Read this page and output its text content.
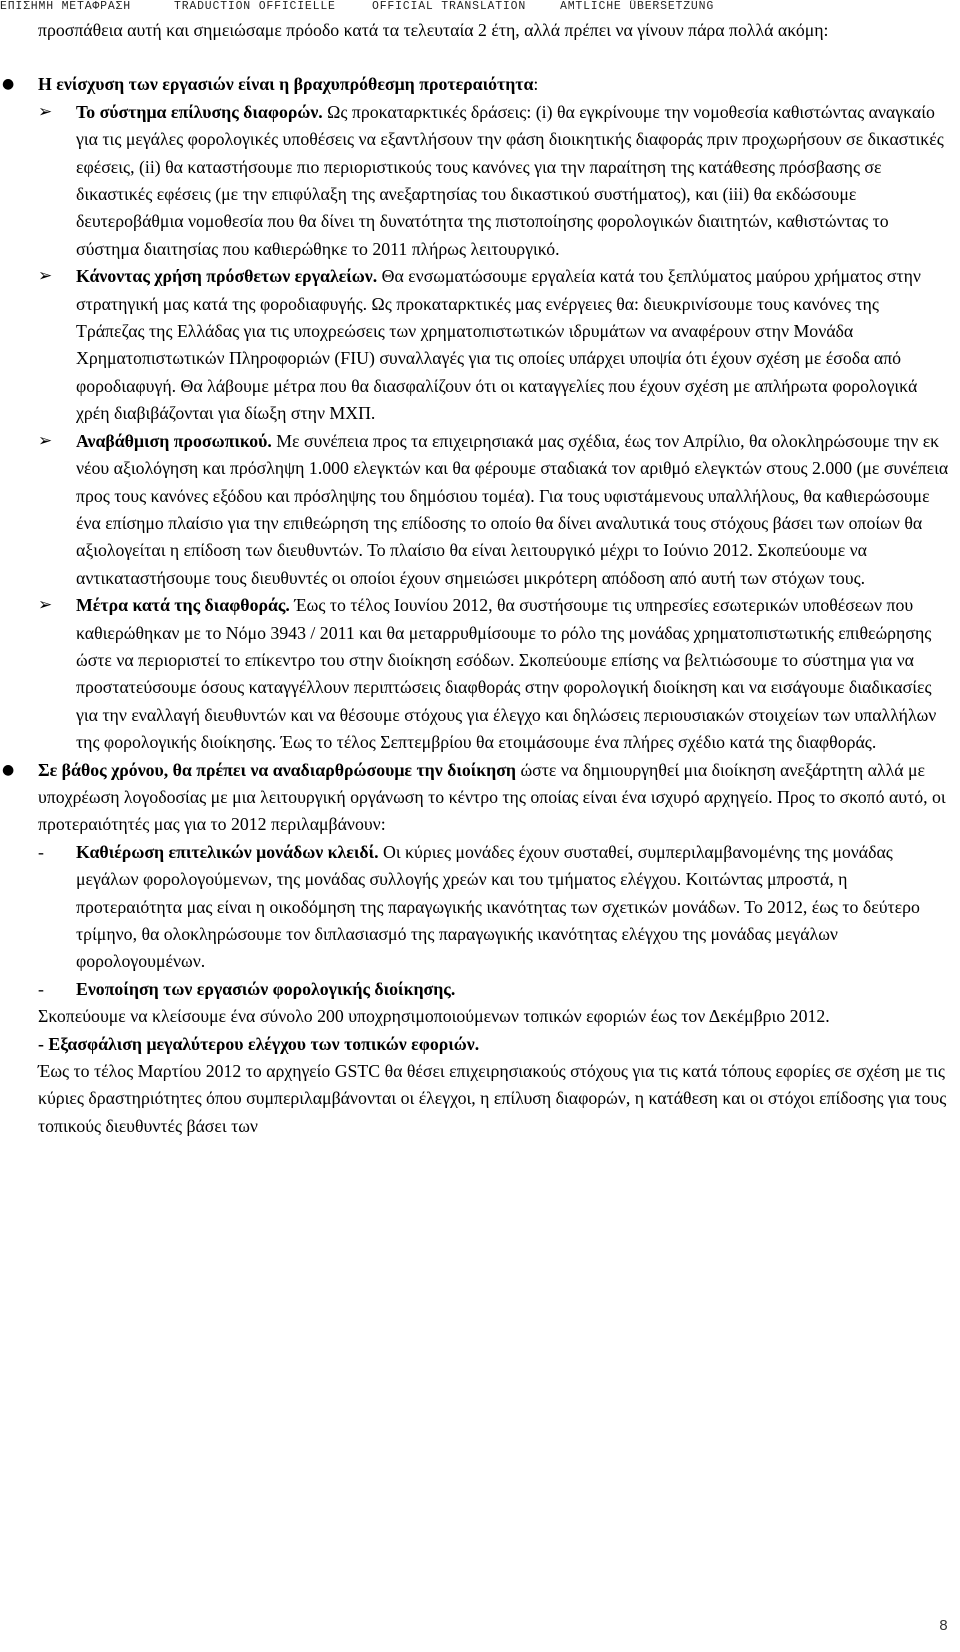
ΕΠΙΣΗΜΗ ΜΕΤΑΦΡΑΣΗ	TRADUCTION OFFICIELLE	OFFICIAL TRANSLATION	AMTLICHE ÜBERSETZUNG

προσπάθεια αυτή και σημειώσαμε πρόοδο κατά τα τελευταία 2 έτη, αλλά πρέπει να γίνουν πάρα πολλά ακόμη:

● Η ενίσχυση των εργασιών είναι η βραχυπρόθεσμη προτεραιότητα:

➢ Το σύστημα επίλυσης διαφορών. Ως προκαταρκτικές δράσεις: (i) θα εγκρίνουμε την νομοθεσία καθιστώντας αναγκαίο για τις μεγάλες φορολογικές υποθέσεις να εξαντλήσουν την φάση διοικητικής διαφοράς πριν προχωρήσουν σε δικαστικές εφέσεις, (ii) θα καταστήσουμε πιο περιοριστικούς τους κανόνες για την παραίτηση της κατάθεσης πρόσβασης σε δικαστικές εφέσεις (με την επιφύλαξη της ανεξαρτησίας του δικαστικού συστήματος), και (iii) θα εκδώσουμε δευτεροβάθμια νομοθεσία που θα δίνει τη δυνατότητα της πιστοποίησης φορολογικών διαιτητών, καθιστώντας το σύστημα διαιτησίας που καθιερώθηκε το 2011 πλήρως λειτουργικό.

➢ Κάνοντας χρήση πρόσθετων εργαλείων. Θα ενσωματώσουμε εργαλεία κατά του ξεπλύματος μαύρου χρήματος στην στρατηγική μας κατά της φοροδιαφυγής. Ως προκαταρκτικές μας ενέργειες θα: διευκρινίσουμε τους κανόνες της Τράπεζας της Ελλάδας για τις υποχρεώσεις των χρηματοπιστωτικών ιδρυμάτων να αναφέρουν στην Μονάδα Χρηματοπιστωτικών Πληροφοριών (FIU) συναλλαγές για τις οποίες υπάρχει υποψία ότι έχουν σχέση με έσοδα από φοροδιαφυγή. Θα λάβουμε μέτρα που θα διασφαλίζουν ότι οι καταγγελίες που έχουν σχέση με απλήρωτα φορολογικά χρέη διαβιβάζονται για δίωξη στην ΜΧΠ.

➢ Αναβάθμιση προσωπικού. Με συνέπεια προς τα επιχειρησιακά μας σχέδια, έως τον Απρίλιο, θα ολοκληρώσουμε την εκ νέου αξιολόγηση και πρόσληψη 1.000 ελεγκτών και θα φέρουμε σταδιακά τον αριθμό ελεγκτών στους 2.000 (με συνέπεια προς τους κανόνες εξόδου και πρόσληψης του δημόσιου τομέα). Για τους υφιστάμενους υπαλλήλους, θα καθιερώσουμε ένα επίσημο πλαίσιο για την επιθεώρηση της επίδοσης το οποίο θα δίνει αναλυτικά τους στόχους βάσει των οποίων θα αξιολογείται η επίδοση των διευθυντών. Το πλαίσιο θα είναι λειτουργικό μέχρι το Ιούνιο 2012. Σκοπεύουμε να αντικαταστήσουμε τους διευθυντές οι οποίοι έχουν σημειώσει μικρότερη απόδοση από αυτή των στόχων τους.

➢ Μέτρα κατά της διαφθοράς. Έως το τέλος Ιουνίου 2012, θα συστήσουμε τις υπηρεσίες εσωτερικών υποθέσεων που καθιερώθηκαν με το Νόμο 3943 / 2011 και θα μεταρρυθμίσουμε το ρόλο της μονάδας χρηματοπιστωτικής επιθεώρησης ώστε να περιοριστεί το επίκεντρο του στην διοίκηση εσόδων. Σκοπεύουμε επίσης να βελτιώσουμε το σύστημα για να προστατεύσουμε όσους καταγγέλλουν περιπτώσεις διαφθοράς στην φορολογική διοίκηση και να εισάγουμε διαδικασίες για την εναλλαγή διευθυντών και να θέσουμε στόχους για έλεγχο και δηλώσεις περιουσιακών στοιχείων των υπαλλήλων της φορολογικής διοίκησης. Έως το τέλος Σεπτεμβρίου θα ετοιμάσουμε ένα πλήρες σχέδιο κατά της διαφθοράς.

● Σε βάθος χρόνου, θα πρέπει να αναδιαρθρώσουμε την διοίκηση ώστε να δημιουργηθεί μια διοίκηση ανεξάρτητη αλλά με υποχρέωση λογοδοσίας με μια λειτουργική οργάνωση το κέντρο της οποίας είναι ένα ισχυρό αρχηγείο. Προς το σκοπό αυτό, οι προτεραιότητές μας για το 2012 περιλαμβάνουν:

- Καθιέρωση επιτελικών μονάδων κλειδί. Οι κύριες μονάδες έχουν συσταθεί, συμπεριλαμβανομένης της μονάδας μεγάλων φορολογούμενων, της μονάδας συλλογής χρεών και του τμήματος ελέγχου. Κοιτώντας μπροστά, η προτεραιότητα μας είναι η οικοδόμηση της παραγωγικής ικανότητας των σχετικών μονάδων. Το 2012, έως το δεύτερο τρίμηνο, θα ολοκληρώσουμε τον διπλασιασμό της παραγωγικής ικανότητας ελέγχου της μονάδας μεγάλων φορολογουμένων.

- Ενοποίηση των εργασιών φορολογικής διοίκησης.

Σκοπεύουμε να κλείσουμε ένα σύνολο 200 υποχρησιμοποιούμενων τοπικών εφοριών έως τον Δεκέμβριο 2012.

- Εξασφάλιση μεγαλύτερου ελέγχου των τοπικών εφοριών.

Έως το τέλος Μαρτίου 2012 το αρχηγείο GSTC θα θέσει επιχειρησιακούς στόχους για τις κατά τόπους εφορίες σε σχέση με τις κύριες δραστηριότητες όπου συμπεριλαμβάνονται οι έλεγχοι, η επίλυση διαφορών, η κατάθεση και οι στόχοι επίδοσης για τους τοπικούς διευθυντές βάσει των

8
